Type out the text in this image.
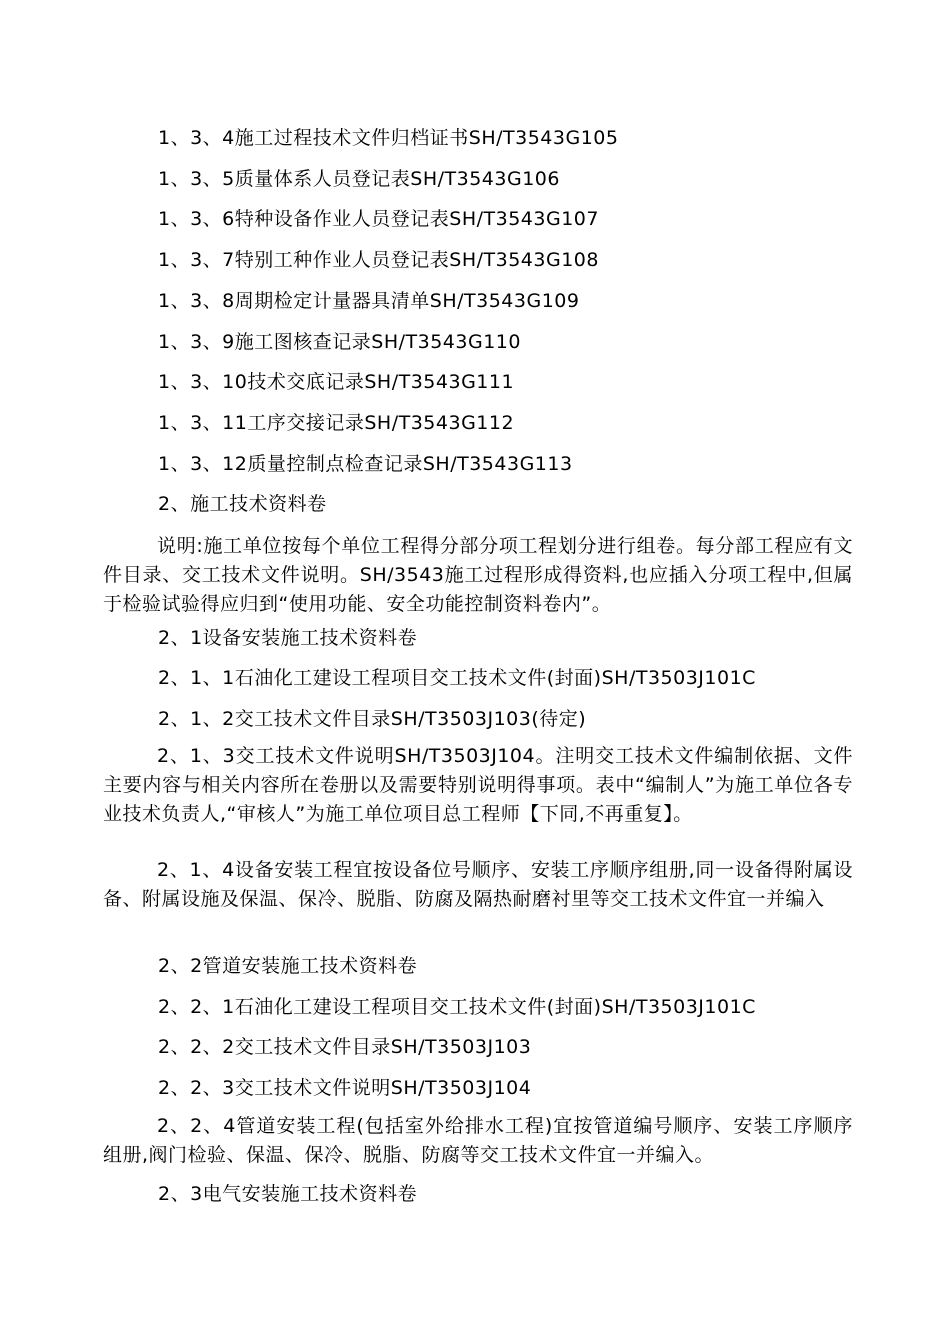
1、3、4施工过程技术文件归档证书SH/T3543G105
1、3、5质量体系人员登记表SH/T3543G106
1、3、6特种设备作业人员登记表SH/T3543G107
1、3、7特别工种作业人员登记表SH/T3543G108
1、3、8周期检定计量器具清单SH/T3543G109
1、3、9施工图核查记录SH/T3543G110
1、3、10技术交底记录SH/T3543G111
1、3、11工序交接记录SH/T3543G112
1、3、12质量控制点检查记录SH/T3543G113
2、施工技术资料卷
说明:施工单位按每个单位工程得分部分项工程划分进行组卷。每分部工程应有文件目录、交工技术文件说明。SH/3543施工过程形成得资料,也应插入分项工程中,但属于检验试验得应归到“使用功能、安全功能控制资料卷内”。
2、1设备安装施工技术资料卷
2、1、1石油化工建设工程项目交工技术文件(封面)SH/T3503J101C
2、1、2交工技术文件目录SH/T3503J103(待定)
2、1、3交工技术文件说明SH/T3503J104。注明交工技术文件编制依据、文件主要内容与相关内容所在卷册以及需要特别说明得事项。表中“编制人”为施工单位各专业技术负责人,“审核人”为施工单位项目总工程师【下同,不再重复】。
2、1、4设备安装工程宜按设备位号顺序、安装工序顺序组册,同一设备得附属设备、附属设施及保温、保冷、脱脂、防腐及隔热耐磨衬里等交工技术文件宜一并编入
2、2管道安装施工技术资料卷
2、2、1石油化工建设工程项目交工技术文件(封面)SH/T3503J101C
2、2、2交工技术文件目录SH/T3503J103
2、2、3交工技术文件说明SH/T3503J104
2、2、4管道安装工程(包括室外给排水工程)宜按管道编号顺序、安装工序顺序组册,阀门检验、保温、保冷、脱脂、防腐等交工技术文件宜一并编入。
2、3电气安装施工技术资料卷
